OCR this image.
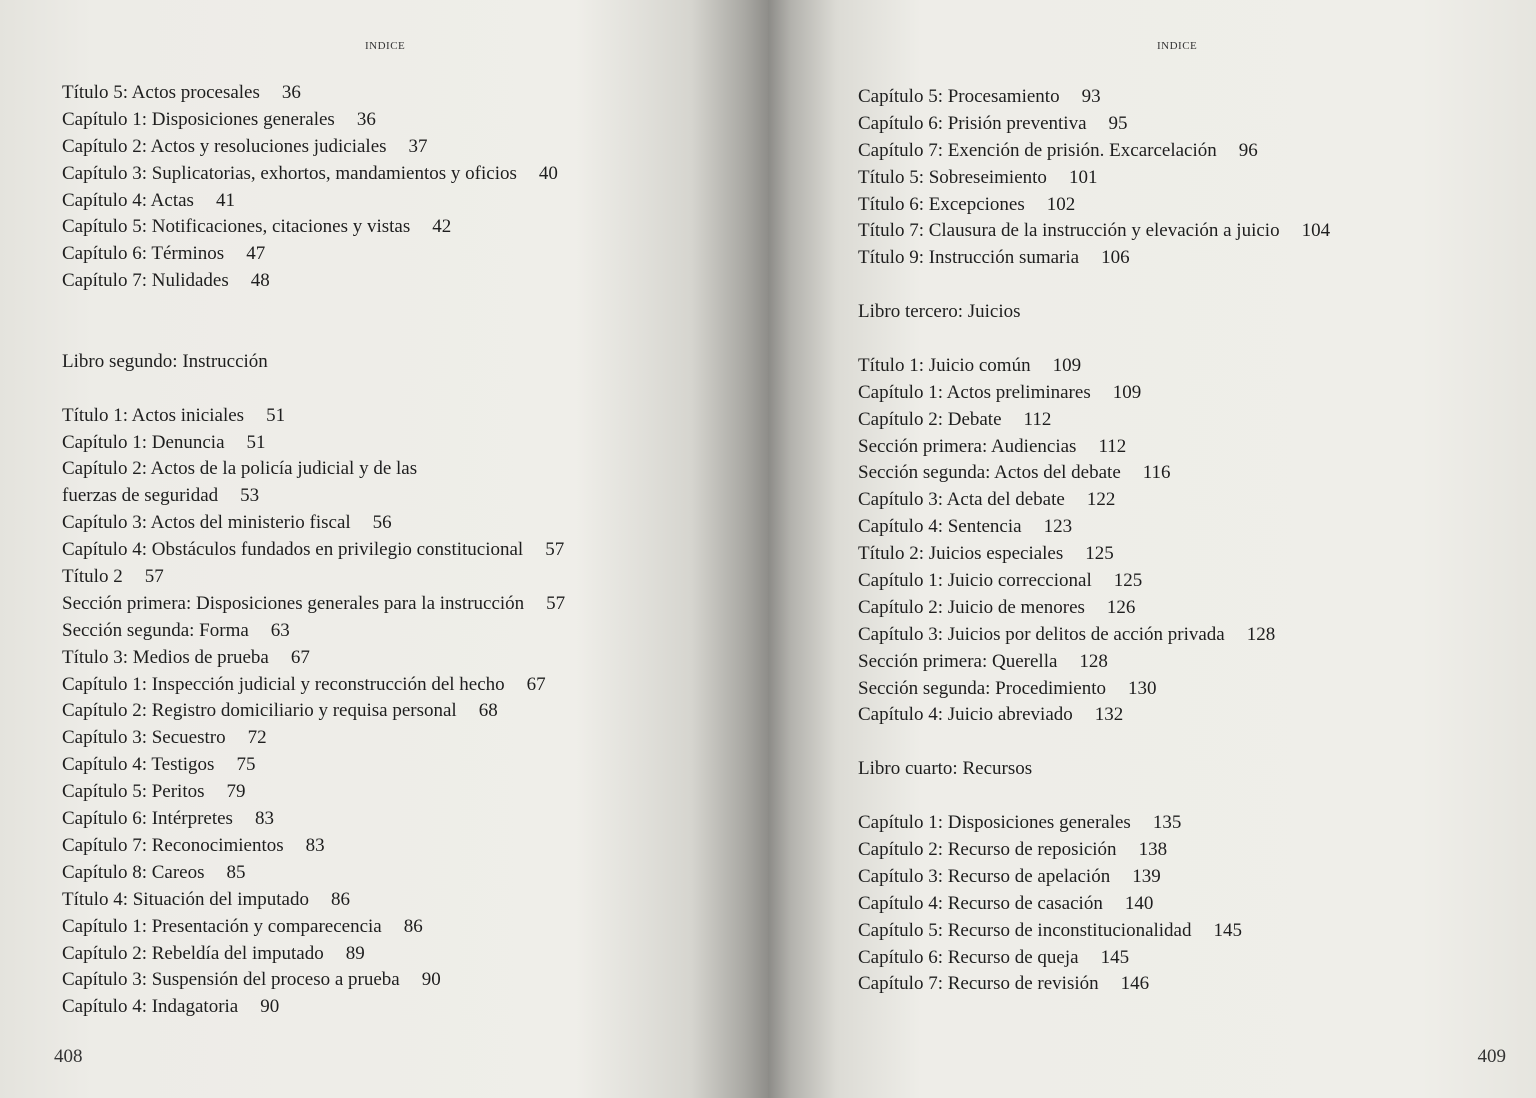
INDICE
Título 5: Actos procesales 36
Capítulo 1: Disposiciones generales 36
Capítulo 2: Actos y resoluciones judiciales 37
Capítulo 3: Suplicatorias, exhortos, mandamientos y oficios 40
Capítulo 4: Actas 41
Capítulo 5: Notificaciones, citaciones y vistas 42
Capítulo 6: Términos 47
Capítulo 7: Nulidades 48
Libro segundo: Instrucción
Título 1: Actos iniciales 51
Capítulo 1: Denuncia 51
Capítulo 2: Actos de la policía judicial y de las
fuerzas de seguridad 53
Capítulo 3: Actos del ministerio fiscal 56
Capítulo 4: Obstáculos fundados en privilegio constitucional 57
Título 2 57
Sección primera: Disposiciones generales para la instrucción 57
Sección segunda: Forma 63
Título 3: Medios de prueba 67
Capítulo 1: Inspección judicial y reconstrucción del hecho 67
Capítulo 2: Registro domiciliario y requisa personal 68
Capítulo 3: Secuestro 72
Capítulo 4: Testigos 75
Capítulo 5: Peritos 79
Capítulo 6: Intérpretes 83
Capítulo 7: Reconocimientos 83
Capítulo 8: Careos 85
Título 4: Situación del imputado 86
Capítulo 1: Presentación y comparecencia 86
Capítulo 2: Rebeldía del imputado 89
Capítulo 3: Suspensión del proceso a prueba 90
Capítulo 4: Indagatoria 90
408
INDICE
Capítulo 5: Procesamiento 93
Capítulo 6: Prisión preventiva 95
Capítulo 7: Exención de prisión. Excarcelación 96
Título 5: Sobreseimiento 101
Título 6: Excepciones 102
Título 7: Clausura de la instrucción y elevación a juicio 104
Título 9: Instrucción sumaria 106
Libro tercero: Juicios
Título 1: Juicio común 109
Capítulo 1: Actos preliminares 109
Capítulo 2: Debate 112
Sección primera: Audiencias 112
Sección segunda: Actos del debate 116
Capítulo 3: Acta del debate 122
Capítulo 4: Sentencia 123
Título 2: Juicios especiales 125
Capítulo 1: Juicio correccional 125
Capítulo 2: Juicio de menores 126
Capítulo 3: Juicios por delitos de acción privada 128
Sección primera: Querella 128
Sección segunda: Procedimiento 130
Capítulo 4: Juicio abreviado 132
Libro cuarto: Recursos
Capítulo 1: Disposiciones generales 135
Capítulo 2: Recurso de reposición 138
Capítulo 3: Recurso de apelación 139
Capítulo 4: Recurso de casación 140
Capítulo 5: Recurso de inconstitucionalidad 145
Capítulo 6: Recurso de queja 145
Capítulo 7: Recurso de revisión 146
409
